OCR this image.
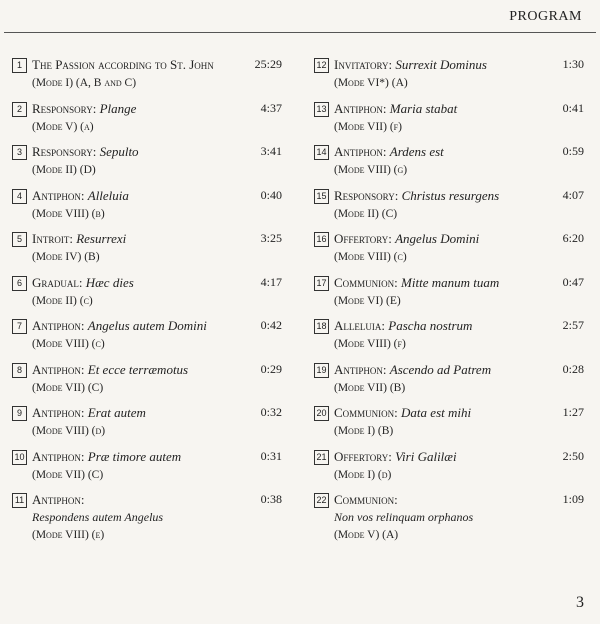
PROGRAM
1 The Passion according to St. John	25:29
(Mode I) (A, B and C)
2 Responsory: Plange	4:37
(Mode V) (a)
3 Responsory: Sepulto	3:41
(Mode II) (D)
4 Antiphon: Alleluia	0:40
(Mode VIII) (b)
5 Introit: Resurrexi	3:25
(Mode IV) (B)
6 Gradual: Hæc dies	4:17
(Mode II) (c)
7 Antiphon: Angelus autem Domini	0:42
(Mode VIII) (c)
8 Antiphon: Et ecce terræmotus	0:29
(Mode VII) (C)
9 Antiphon: Erat autem	0:32
(Mode VIII) (d)
10 Antiphon: Præ timore autem	0:31
(Mode VII) (C)
11 Antiphon:	0:38
Respondens autem Angelus
(Mode VIII) (e)
12 Invitatory: Surrexit Dominus	1:30
(Mode VI*) (A)
13 Antiphon: Maria stabat	0:41
(Mode VII) (f)
14 Antiphon: Ardens est	0:59
(Mode VIII) (g)
15 Responsory: Christus resurgens	4:07
(Mode II) (C)
16 Offertory: Angelus Domini	6:20
(Mode VIII) (c)
17 Communion: Mitte manum tuam	0:47
(Mode VI) (E)
18 Alleluia: Pascha nostrum	2:57
(Mode VIII) (f)
19 Antiphon: Ascendo ad Patrem	0:28
(Mode VII) (B)
20 Communion: Data est mihi	1:27
(Mode I) (B)
21 Offertory: Viri Galilæi	2:50
(Mode I) (d)
22 Communion:	1:09
Non vos relinquam orphanos
(Mode V) (A)
3
